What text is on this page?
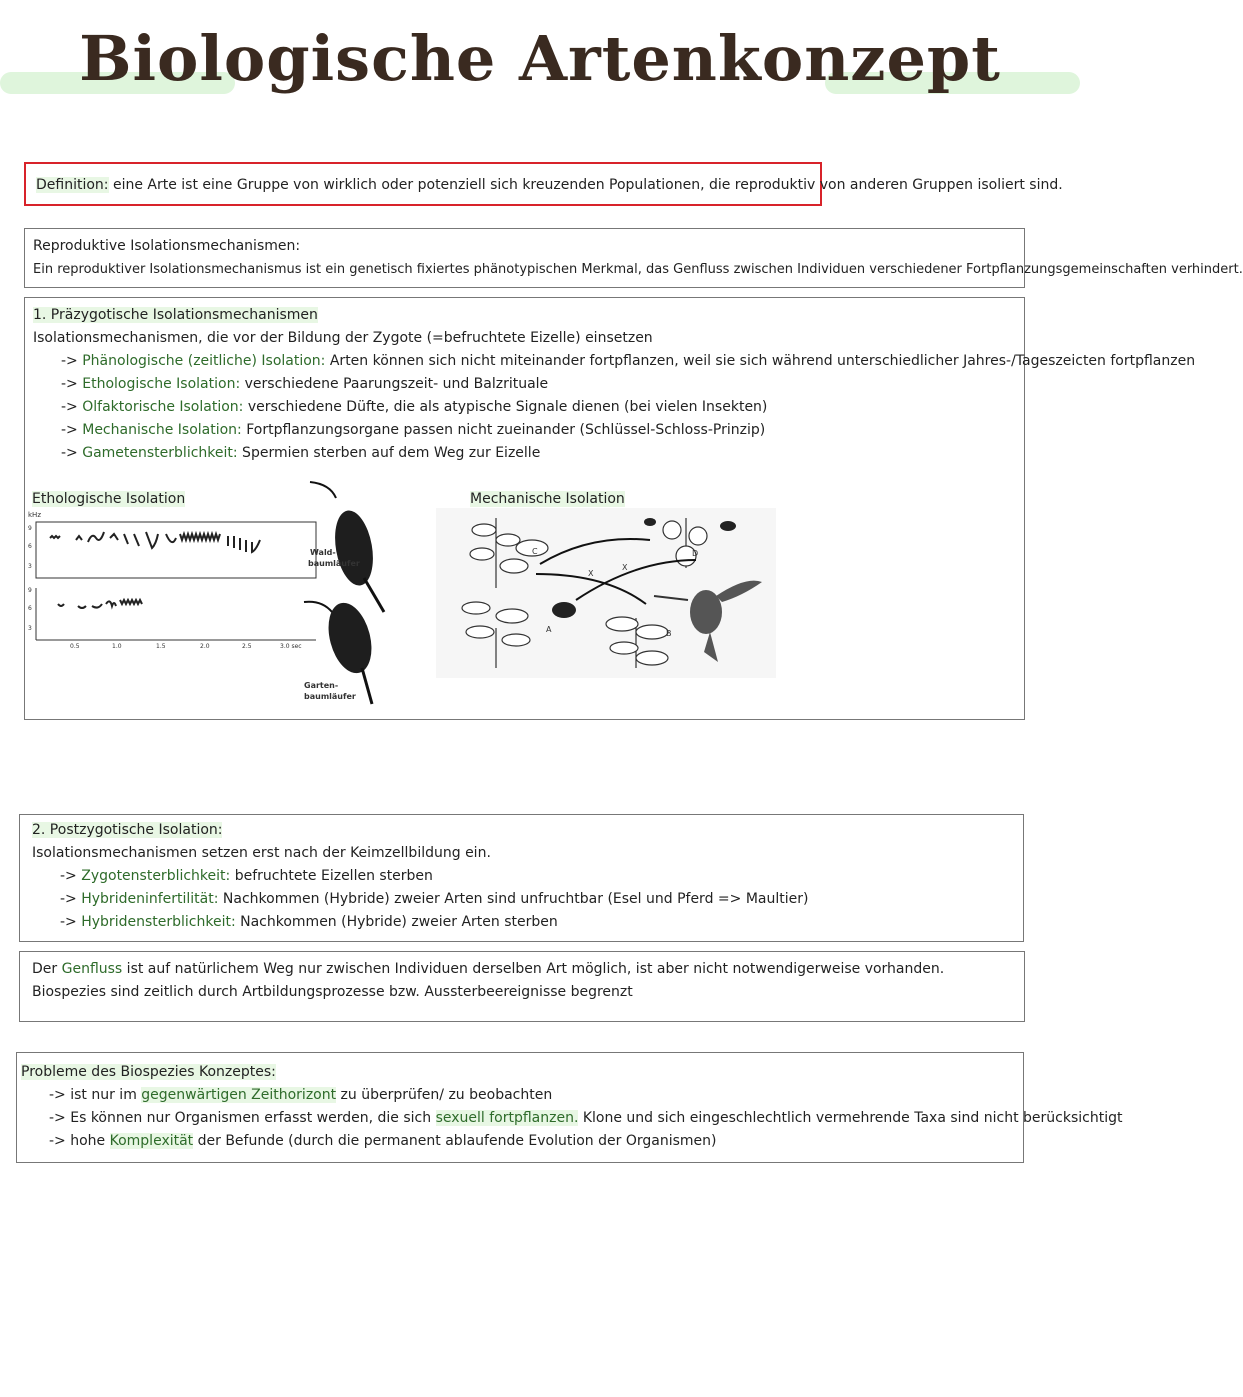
Biologische Artenkonzept
Definition: eine Arte ist eine Gruppe von wirklich oder potenziell sich kreuzenden Populationen, die reproduktiv von anderen Gruppen isoliert sind.
Reproduktive Isolationsmechanismen:
Ein reproduktiver Isolationsmechanismus ist ein genetisch fixiertes phänotypischen Merkmal, das Genfluss zwischen Individuen verschiedener Fortpflanzungsgemeinschaften verhindert.
1. Präzygotische Isolationsmechanismen
Isolationsmechanismen, die vor der Bildung der Zygote (=befruchtete Eizelle) einsetzen
-> Phänologische (zeitliche) Isolation: Arten können sich nicht miteinander fortpflanzen, weil sie sich während unterschiedlicher Jahres-/Tageszeicten fortpflanzen
-> Ethologische Isolation: verschiedene Paarungszeit- und Balzrituale
-> Olfaktorische Isolation: verschiedene Düfte, die als atypische Signale dienen (bei vielen Insekten)
-> Mechanische Isolation: Fortpflanzungsorgane passen nicht zueinander (Schlüssel-Schloss-Prinzip)
-> Gametensterblichkeit: Spermien sterben auf dem Weg zur Eizelle
Ethologische Isolation
kHz
9
6
3
9
6
3
0.5	1.0	1.5	2.0	2.5	3.0 sec
Wald-
baumläufer
Garten-
baumläufer
Mechanische Isolation
A	B
C	D
X
X
2. Postzygotische Isolation:
Isolationsmechanismen setzen erst nach der Keimzellbildung ein.
-> Zygotensterblichkeit: befruchtete Eizellen sterben
-> Hybrideninfertilität: Nachkommen (Hybride) zweier Arten sind unfruchtbar (Esel und Pferd => Maultier)
-> Hybridensterblichkeit: Nachkommen (Hybride) zweier Arten sterben
Der Genfluss ist auf natürlichem Weg nur zwischen Individuen derselben Art möglich, ist aber nicht notwendigerweise vorhanden.
Biospezies sind zeitlich durch Artbildungsprozesse bzw. Aussterbeereignisse begrenzt
Probleme des Biospezies Konzeptes:
-> ist nur im gegenwärtigen Zeithorizont zu überprüfen/ zu beobachten
-> Es können nur Organismen erfasst werden, die sich sexuell fortpflanzen. Klone und sich eingeschlechtlich vermehrende Taxa sind nicht berücksichtigt
-> hohe Komplexität der Befunde (durch die permanent ablaufende Evolution der Organismen)
